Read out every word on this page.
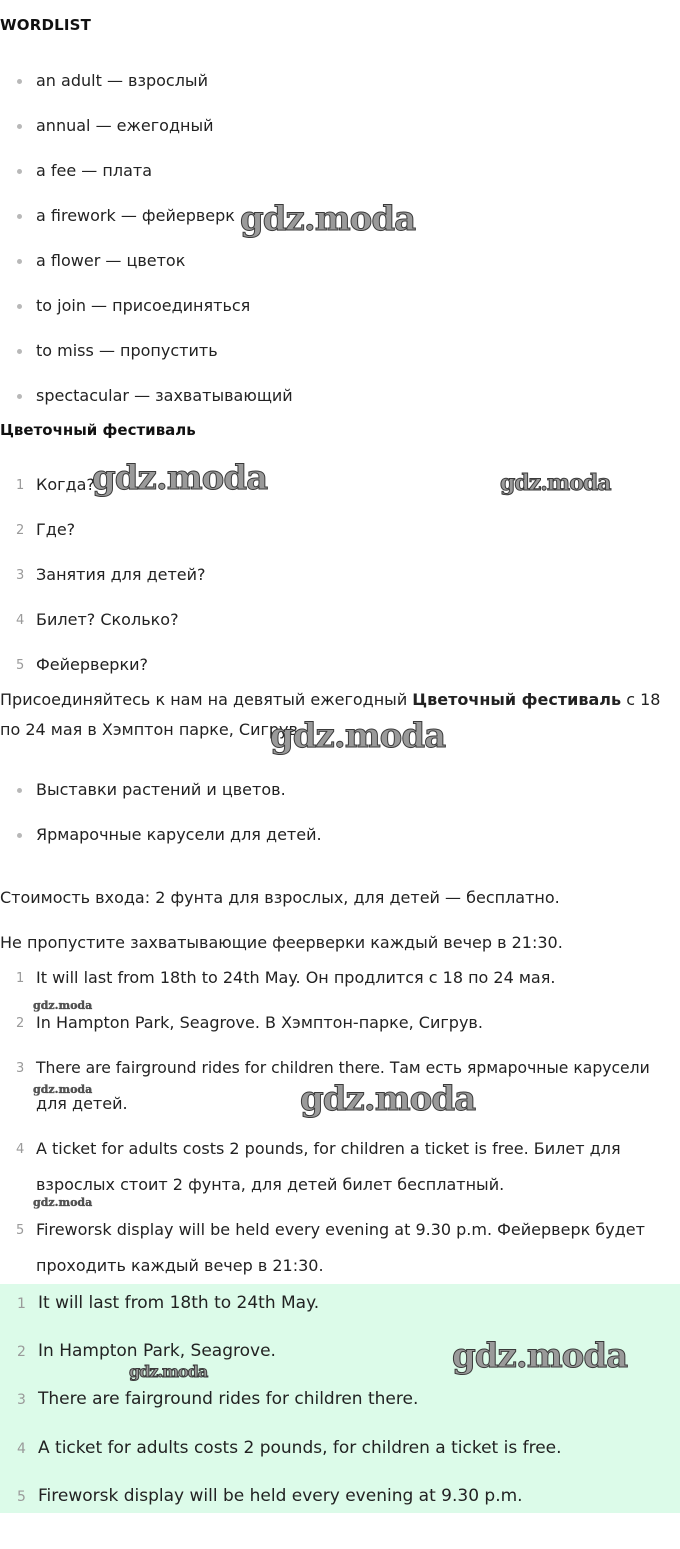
WORDLIST
an adult — взрослый
annual — ежегодный
a fee — плата
a firework — фейерверк
a flower — цветок
to join — присоединяться
to miss — пропустить
spectacular — захватывающий
Цветочный фестиваль
1 Когда?
2 Где?
3 Занятия для детей?
4 Билет? Сколько?
5 Фейерверки?

Присоединяйтесь к нам на девятый ежегодный Цветочный фестиваль с 18 по 24 мая в Хэмптон парке, Сигрув.

Выставки растений и цветов.
Ярмарочные карусели для детей.

Стоимость входа: 2 фунта для взрослых, для детей — бесплатно.

Не пропустите захватывающие феерверки каждый вечер в 21:30.

1 It will last from 18th to 24th May. Он продлится с 18 по 24 мая.
2 In Hampton Park, Seagrove. В Хэмптон-парке, Сигрув.
3 There are fairground rides for children there. Там есть ярмарочные карусели
для детей.
4 A ticket for adults costs 2 pounds, for children a ticket is free. Билет для
взрослых стоит 2 фунта, для детей билет бесплатный.
5 Fireworsk display will be held every evening at 9.30 p.m. Фейерверк будет
проходить каждый вечер в 21:30.
1 It will last from 18th to 24th May.
2 In Hampton Park, Seagrove.
3 There are fairground rides for children there.
4 A ticket for adults costs 2 pounds, for children a ticket is free.
5 Fireworsk display will be held every evening at 9.30 p.m.
gdz.moda
gdz.moda	gdz.moda
gdz.moda
gdz.moda
gdz.moda	gdz.moda
gdz.moda
gdz.moda
gdz.moda
